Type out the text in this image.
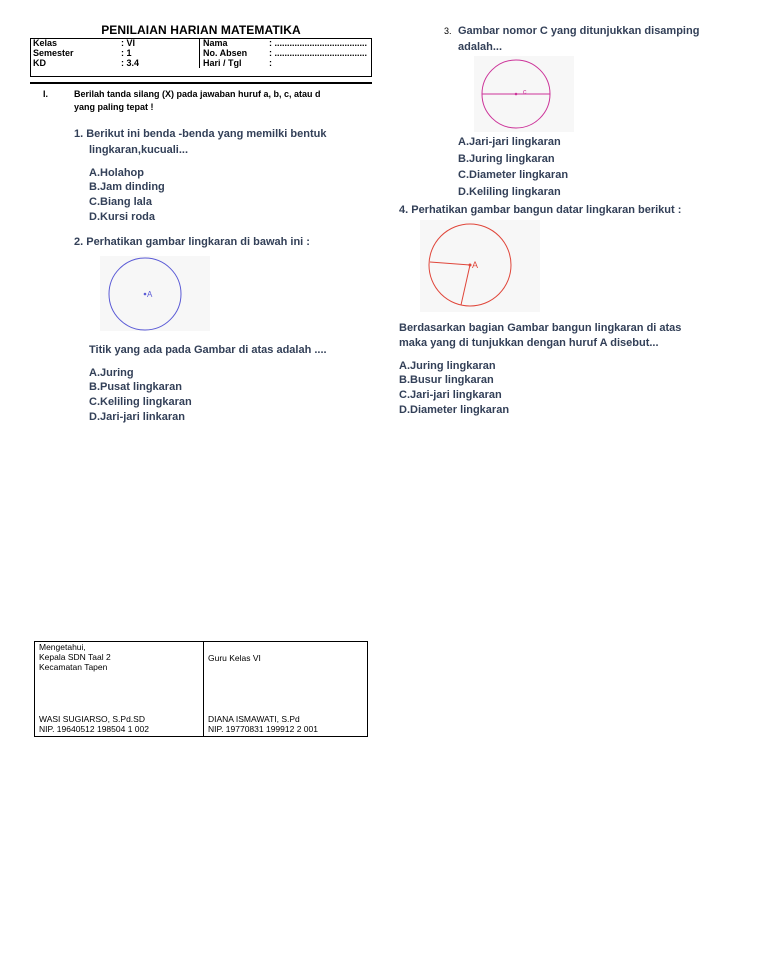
PENILAIAN HARIAN MATEMATIKA
Kelas	: VI	Nama	: .....................................
Semester	: 1	No. Absen	: .....................................
KD	: 3.4	Hari / Tgl	:
I.	Berilah tanda silang (X) pada jawaban huruf a, b, c, atau d
yang paling tepat !
1. Berikut ini benda -benda yang memilki bentuk
lingkaran,kucuali...
A.Holahop
B.Jam dinding
C.Biang lala
D.Kursi roda
2. Perhatikan gambar lingkaran di bawah ini :
A
Titik yang ada pada Gambar di atas adalah ....
A.Juring
B.Pusat lingkaran
C.Keliling lingkaran
D.Jari-jari linkaran
3. Gambar nomor C yang ditunjukkan disamping
adalah...
c
A.Jari-jari lingkaran
B.Juring lingkaran
C.Diameter lingkaran
D.Keliling lingkaran
4. Perhatikan gambar bangun datar lingkaran berikut :
A
Berdasarkan bagian Gambar bangun lingkaran di atas
maka yang di tunjukkan dengan huruf A disebut...
A.Juring lingkaran
B.Busur lingkaran
C.Jari-jari lingkaran
D.Diameter lingkaran
Mengetahui,
Kepala SDN Taal 2
Kecamatan Tapen
WASI SUGIARSO, S.Pd.SD
NIP. 19640512 198504 1 002
Guru Kelas VI
DIANA ISMAWATI, S.Pd
NIP. 19770831 199912 2 001
